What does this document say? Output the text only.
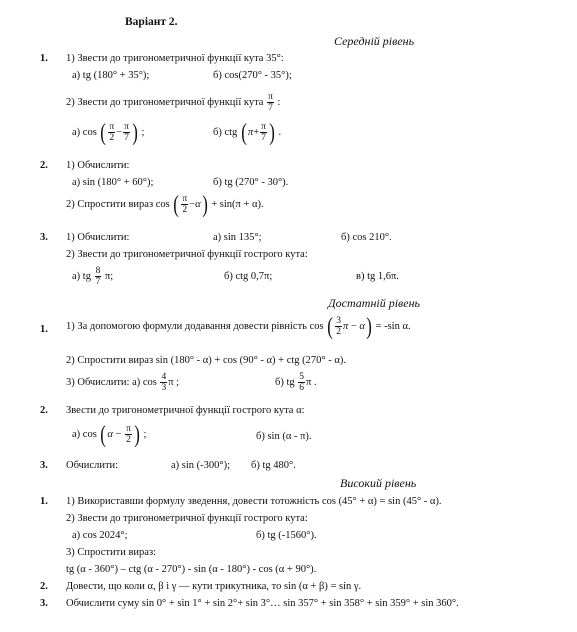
Варіант 2.
Середній рівень
1. 1) Звести до тригонометричної функції кута 35°:
а) tg (180° + 35°);	б) cos(270° - 35°);
2) Звести до тригонометричної функції кута $\frac{\pi}{7}$ :
а) cos ( $\frac{\pi}{2} - \frac{\pi}{7}$ ) ;	б) ctg ($\pi+ \frac{\pi}{7}$ ) .
2. 1) Обчислити:
а) sin (180° + 60°);	б) tg (270° - 30°).
2) Спростити вираз cos ( $\frac{\pi}{2} -\alpha) + \sin(\pi + \alpha)$.
3. 1) Обчислити:	а) sin 135°;	б) cos 210°.
2) Звести до тригонометричної функції гострого кута:
а) tg $\frac{8}{7} \pi$;	б) ctg 0,7π;	в) tg 1,6π.
Достатній рівень
1. 1) За допомогою формули додавання довести рівність cos ( $\frac{3}{2}$ π − α) = -sin α.
2) Спростити вираз sin (180° - α) + cos (90° - α) + ctg (270° - α).
3) Обчислити: а) $\cos \frac{4}{3}$ π ;	б) tg $\frac{5}{6}$ π .
2. Звести до тригонометричної функції гострого кута α:
а) $\cos (\alpha - \frac{\pi}{2}$ ) ;	б) sin (α - π).
3. Обчислити:	а) sin (-300°); б) tg 480°.
Високий рівень
1. 1) Використавши формулу зведення, довести тотожність cos (45° + α) = sin (45° - α).
2) Звести до тригонометричної функції гострого кута:
а) cos 2024°;	б) tg (-1560°).
3) Спростити вираз:
tg (α - 360°) – ctg (α - 270°) - sin (α - 180°) - cos (α + 90°).
2. Довести, що коли α, β і γ — кути трикутника, то sin (α + β) = sin γ.
3. Обчислити суму sin 0° + sin 1° + sin 2°+ sin 3°… sin 357° + sin 358° + sin 359° + sin 360°.
